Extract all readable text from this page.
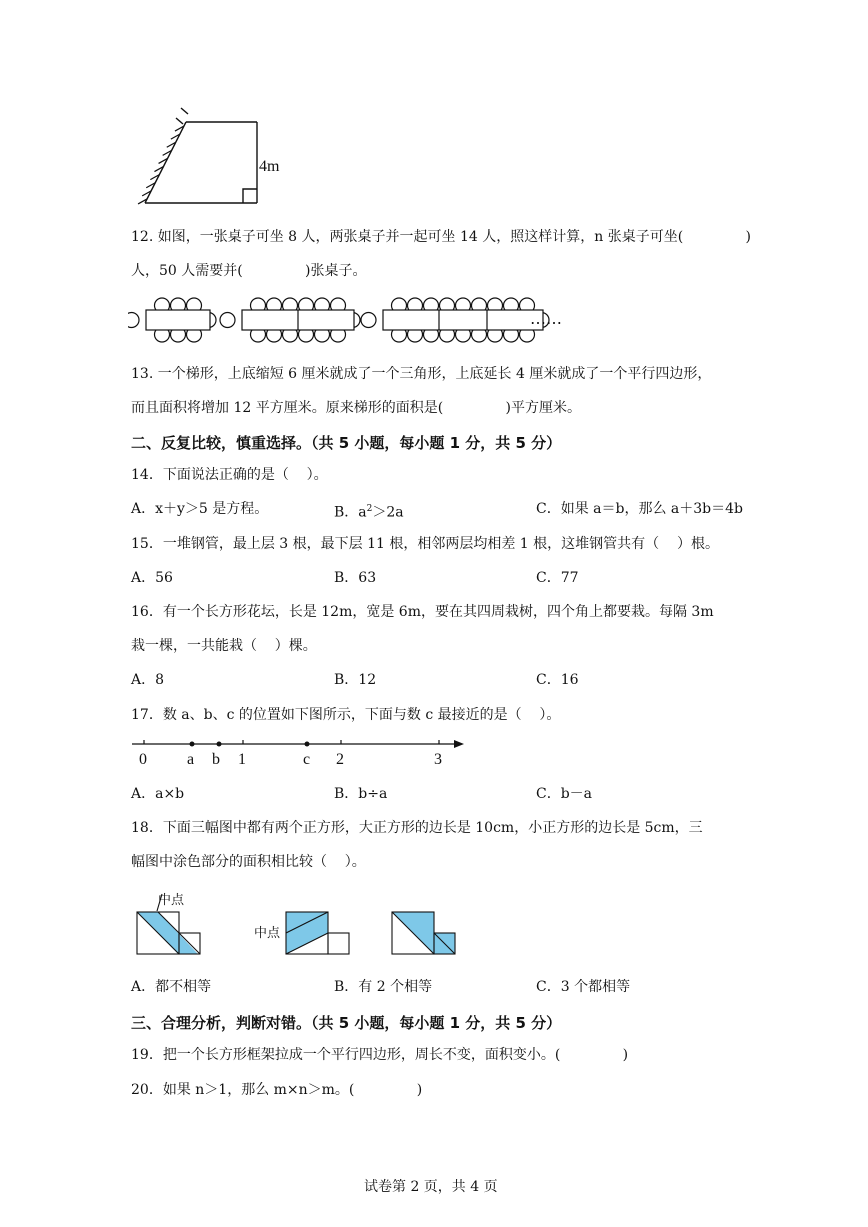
4m
12. 如图，一张桌子可坐 8 人，两张桌子并一起可坐 14 人，照这样计算，n 张桌子可坐(              )
人，50 人需要并(              )张桌子。
……
13. 一个梯形，上底缩短 6 厘米就成了一个三角形，上底延长 4 厘米就成了一个平行四边形，
而且面积将增加 12 平方厘米。原来梯形的面积是(              )平方厘米。
二、反复比较，慎重选择。（共 5 小题，每小题 1 分，共 5 分）
14．下面说法正确的是（    ）。
A．x＋y＞5 是方程。	B．$a^2>2a$	C．如果 a＝b，那么 a＋3b＝4b
15．一堆钢管，最上层 3 根，最下层 11 根，相邻两层均相差 1 根，这堆钢管共有（    ）根。
A．56	B．63	C．77
16．有一个长方形花坛，长是 12m，宽是 6m，要在其四周栽树，四个角上都要栽。每隔 3m
栽一棵，一共能栽（    ）棵。
A．8	B．12	C．16
17．数 a、b、c 的位置如下图所示，下面与数 c 最接近的是（    ）。
0	a b 1	c 2	3
A．a×b	B．b÷a	C．b－a
18．下面三幅图中都有两个正方形，大正方形的边长是 10cm，小正方形的边长是 5cm，三
幅图中涂色部分的面积相比较（    ）。
中点
中点
A．都不相等	B．有 2 个相等	C．3 个都相等
三、合理分析，判断对错。（共 5 小题，每小题 1 分，共 5 分）
19．把一个长方形框架拉成一个平行四边形，周长不变，面积变小。(              )
20．如果 n＞1，那么 m×n＞m。(              )
试卷第 2 页，共 4 页
